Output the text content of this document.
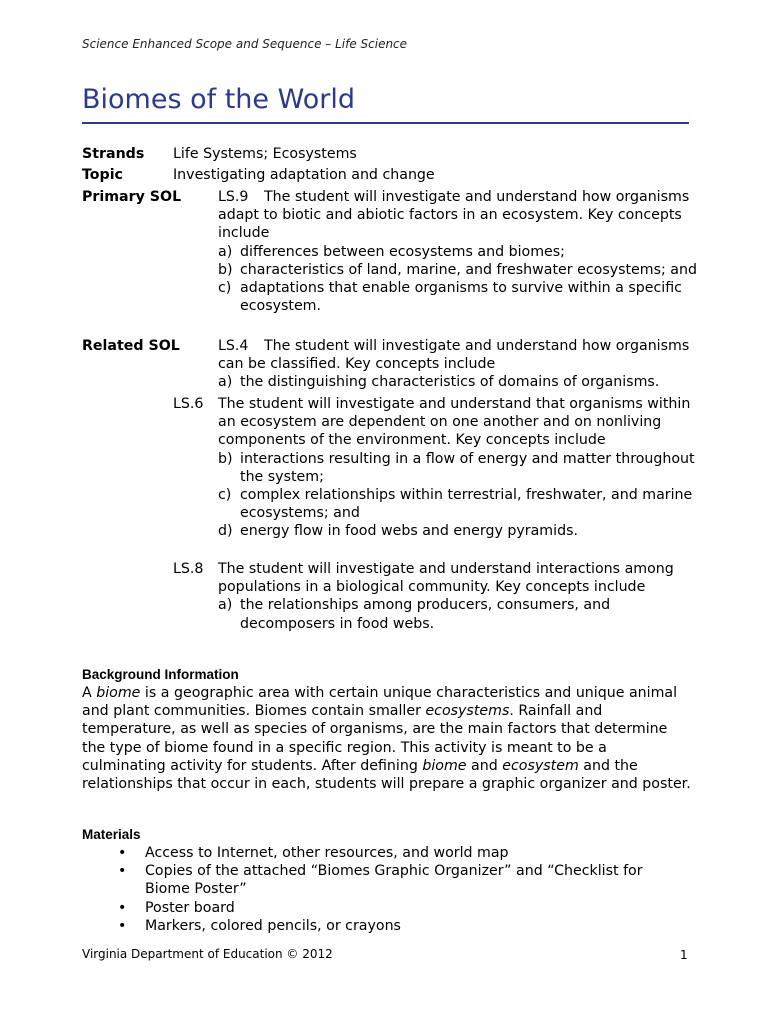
Science Enhanced Scope and Sequence – Life Science
Biomes of the World
Strands Life Systems; Ecosystems
Topic	Investigating adaptation and change
Primary SOL	LS.9	The student will investigate and understand how organisms adapt to biotic and abiotic factors in an ecosystem. Key concepts include
a) differences between ecosystems and biomes;
b) characteristics of land, marine, and freshwater ecosystems; and
c) adaptations that enable organisms to survive within a specific ecosystem.
Related SOL	LS.4	The student will investigate and understand how organisms can be classified. Key concepts include
a) the distinguishing characteristics of domains of organisms.
LS.6 The student will investigate and understand that organisms within an ecosystem are dependent on one another and on nonliving components of the environment. Key concepts include
b) interactions resulting in a flow of energy and matter throughout the system;
c) complex relationships within terrestrial, freshwater, and marine ecosystems; and
d) energy flow in food webs and energy pyramids.
LS.8 The student will investigate and understand interactions among populations in a biological community. Key concepts include
a) the relationships among producers, consumers, and decomposers in food webs.
Background Information
A biome is a geographic area with certain unique characteristics and unique animal and plant communities. Biomes contain smaller ecosystems. Rainfall and temperature, as well as species of organisms, are the main factors that determine the type of biome found in a specific region. This activity is meant to be a culminating activity for students. After defining biome and ecosystem and the relationships that occur in each, students will prepare a graphic organizer and poster.
Materials
•	Access to Internet, other resources, and world map
•	Copies of the attached “Biomes Graphic Organizer” and “Checklist for Biome Poster”
•	Poster board
•	Markers, colored pencils, or crayons
Virginia Department of Education © 2012	1
